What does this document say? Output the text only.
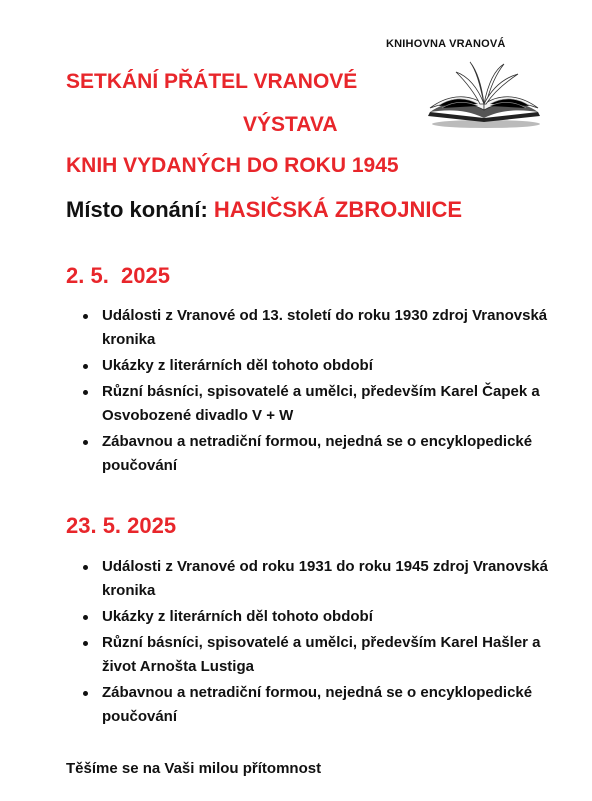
KNIHOVNA VRANOVÁ
SETKÁNÍ PŘÁTEL VRANOVÉ
VÝSTAVA
KNIH VYDANÝCH DO ROKU 1945
Místo konání: HASIČSKÁ ZBROJNICE
2. 5.  2025
Události z Vranové od 13. století do roku 1930 zdroj Vranovská kronika
Ukázky z literárních děl tohoto období
Různí básníci, spisovatelé a umělci, především Karel Čapek a Osvobozené divadlo V + W
Zábavnou a netradiční formou, nejedná se o encyklopedické poučování
23. 5. 2025
Události z Vranové od roku 1931 do roku 1945 zdroj Vranovská kronika
Ukázky z literárních děl tohoto období
Různí básníci, spisovatelé a umělci, především Karel Hašler a život Arnošta Lustiga
Zábavnou a netradiční formou, nejedná se o encyklopedické poučování
Těšíme se na Vaši milou přítomnost
